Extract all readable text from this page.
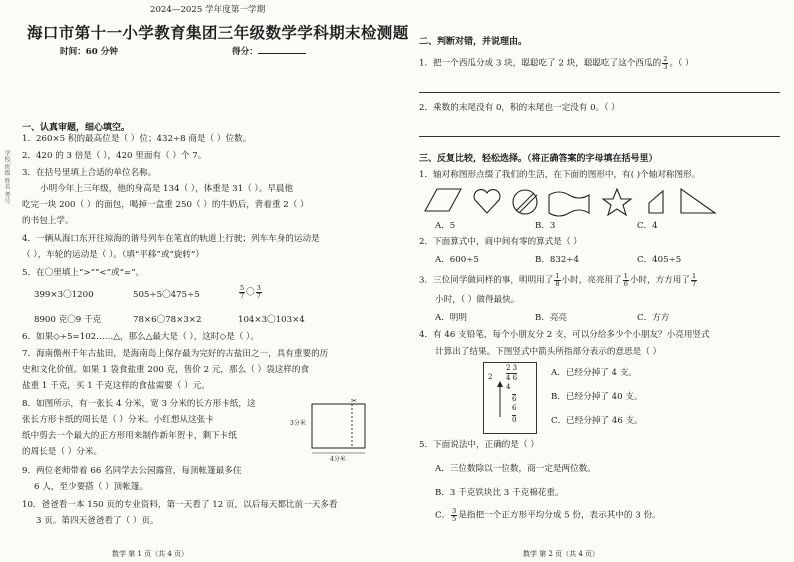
学校 班级 姓名 考号
2024—2025 学年度第一学期
海口市第十一小学教育集团三年级数学学科期末检测题
时间：60 分钟	得分：
一、认真审题，细心填空。
1．260×5 积的最高位是（ ）位；432÷8 商是（ ）位数。
2．420 的 3 倍是（ ），420 里面有（ ）个 7。
3．在括号里填上合适的单位名称。
小明今年上三年级，他的身高是 134（ ），体重是 31（ ）。早晨他
吃完一块 200（ ）的面包，喝掉一盒重 250（ ）的牛奶后，背着重 2（ ）
的书包上学。
4．一辆从海口东开往琼海的谐号列车在笔直的轨道上行驶；列车车身的运动是
（ ），车轮的运动是（ ）。（填“平移”或“旋转”）
5．在〇里填上“>”“<”或“=”。
399×3〇1200	505÷5〇475÷5	$\frac{5}{7}$ 〇 $\frac{3}{7}$
8900 克〇9 千克	78×6〇78×3×2	104×3〇103×4
6．如果◇÷5=102……△，那么△最大是（ ），这时◇是（ ）。
7．海南儋州千年古盐田，是海南岛上保存最为完好的古盐田之一，具有重要的历
史和文化价值。如果 1 袋食盐重 200 克，售价 2 元，那么（ ）袋这样的食
盐重 1 千克，买 1 千克这样的食盐需要（ ）元。
8．如图所示，有一张长 4 分米，宽 3 分米的长方形卡纸，这
张长方形卡纸的周长是（ ）分米。小红想从这张卡
纸中剪去一个最大的正方形用来制作新年贺卡，剩下卡纸
的周长是（ ）分米。
✂
3分米
4分米
9．两位老师带着 66 名同学去公园露营，每顶帐篷最多住
6 人，至少要搭（ ）顶帐篷。
10．爸爸看一本 150 页的专业资料，第一天看了 12 页，以后每天都比前一天多看
3 页。第四天爸爸看了（ ）页。
数学 第 1 页（共 4 页）
二、判断对错，并说理由。
1．把一个西瓜分成 3 块，聪聪吃了 2 块，聪聪吃了这个西瓜的 $\frac{2}{3}$ 。（ ）
2．乘数的末尾没有 0，积的末尾也一定没有 0。（ ）
三、反复比较，轻松选择。（将正确答案的字母填在括号里）
1．轴对称图形点缀了我们的生活，在下面的图形中，有( )个轴对称图形。
A．5	B．3	C．4
2．下面算式中，商中间有零的算式是（ ）
A．600÷5	B．832÷4	C．405÷5
3．三位同学做同样的事，明明用了 $\frac{1}{8}$ 小时，亮亮用了 $\frac{1}{6}$ 小时，方方用了 $\frac{1}{7}$
小时，（ ）做得最快。
A．明明	B．亮亮	C．方方
4．有 46 支铅笔，每个小朋友分 2 支，可以分给多少个小朋友？小亮用竖式
计算出了结果。下图竖式中箭头所指部分表示的意思是（ ）
2 3
2 4 6
4
6
6
0
A．已经分掉了 4 支。
B．已经分掉了 40 支。
C．已经分掉了 46 支。
5．下面说法中，正确的是（ ）
A．三位数除以一位数，商一定是两位数。
B．3 千克铁块比 3 千克棉花重。
C． $\frac{3}{5}$ 是指把一个正方形平均分成 5 份，表示其中的 3 份。
数学 第 2 页（共 4 页）
